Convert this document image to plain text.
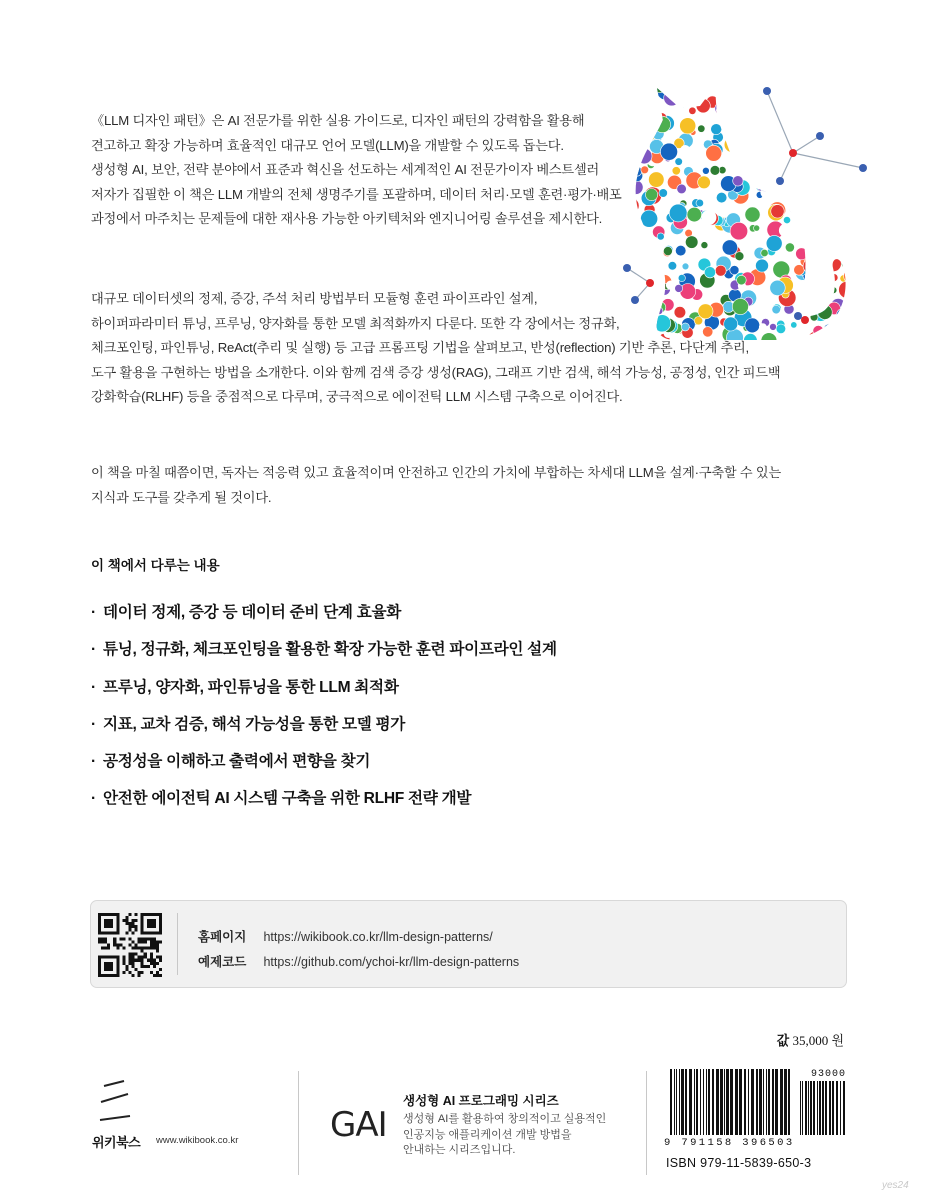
《LLM 디자인 패턴》은 AI 전문가를 위한 실용 가이드로, 디자인 패턴의 강력함을 활용해
견고하고 확장 가능하며 효율적인 대규모 언어 모델(LLM)을 개발할 수 있도록 돕는다.
생성형 AI, 보안, 전략 분야에서 표준과 혁신을 선도하는 세계적인 AI 전문가이자 베스트셀러
저자가 집필한 이 책은 LLM 개발의 전체 생명주기를 포괄하며, 데이터 처리·모델 훈련·평가·배포
과정에서 마주치는 문제들에 대한 재사용 가능한 아키텍처와 엔지니어링 솔루션을 제시한다.
대규모 데이터셋의 정제, 증강, 주석 처리 방법부터 모듈형 훈련 파이프라인 설계,
하이퍼파라미터 튜닝, 프루닝, 양자화를 통한 모델 최적화까지 다룬다. 또한 각 장에서는 정규화,
체크포인팅, 파인튜닝, ReAct(추리 및 실행) 등 고급 프롬프팅 기법을 살펴보고, 반성(reflection) 기반 추론, 다단계 추리,
도구 활용을 구현하는 방법을 소개한다. 이와 함께 검색 증강 생성(RAG), 그래프 기반 검색, 해석 가능성, 공정성, 인간 피드백
강화학습(RLHF) 등을 중점적으로 다루며, 궁극적으로 에이전틱 LLM 시스템 구축으로 이어진다.
이 책을 마칠 때쯤이면, 독자는 적응력 있고 효율적이며 안전하고 인간의 가치에 부합하는 차세대 LLM을 설계·구축할 수 있는
지식과 도구를 갖추게 될 것이다.
이 책에서 다루는 내용
· 데이터 정제, 증강 등 데이터 준비 단계 효율화
· 튜닝, 정규화, 체크포인팅을 활용한 확장 가능한 훈련 파이프라인 설계
· 프루닝, 양자화, 파인튜닝을 통한 LLM 최적화
· 지표, 교차 검증, 해석 가능성을 통한 모델 평가
· 공정성을 이해하고 출력에서 편향을 찾기
· 안전한 에이전틱 AI 시스템 구축을 위한 RLHF 전략 개발
홈페이지 https://wikibook.co.kr/llm-design-patterns/
예제코드 https://github.com/ychoi-kr/llm-design-patterns
값 35,000 원
위키북스 www.wikibook.co.kr	GAI
생성형 AI 프로그래밍 시리즈
생성형 AI를 활용하여 창의적이고 실용적인
인공지능 애플리케이션 개발 방법을
안내하는 시리즈입니다.
93000
9 791158 396503
ISBN 979-11-5839-650-3
yes24
